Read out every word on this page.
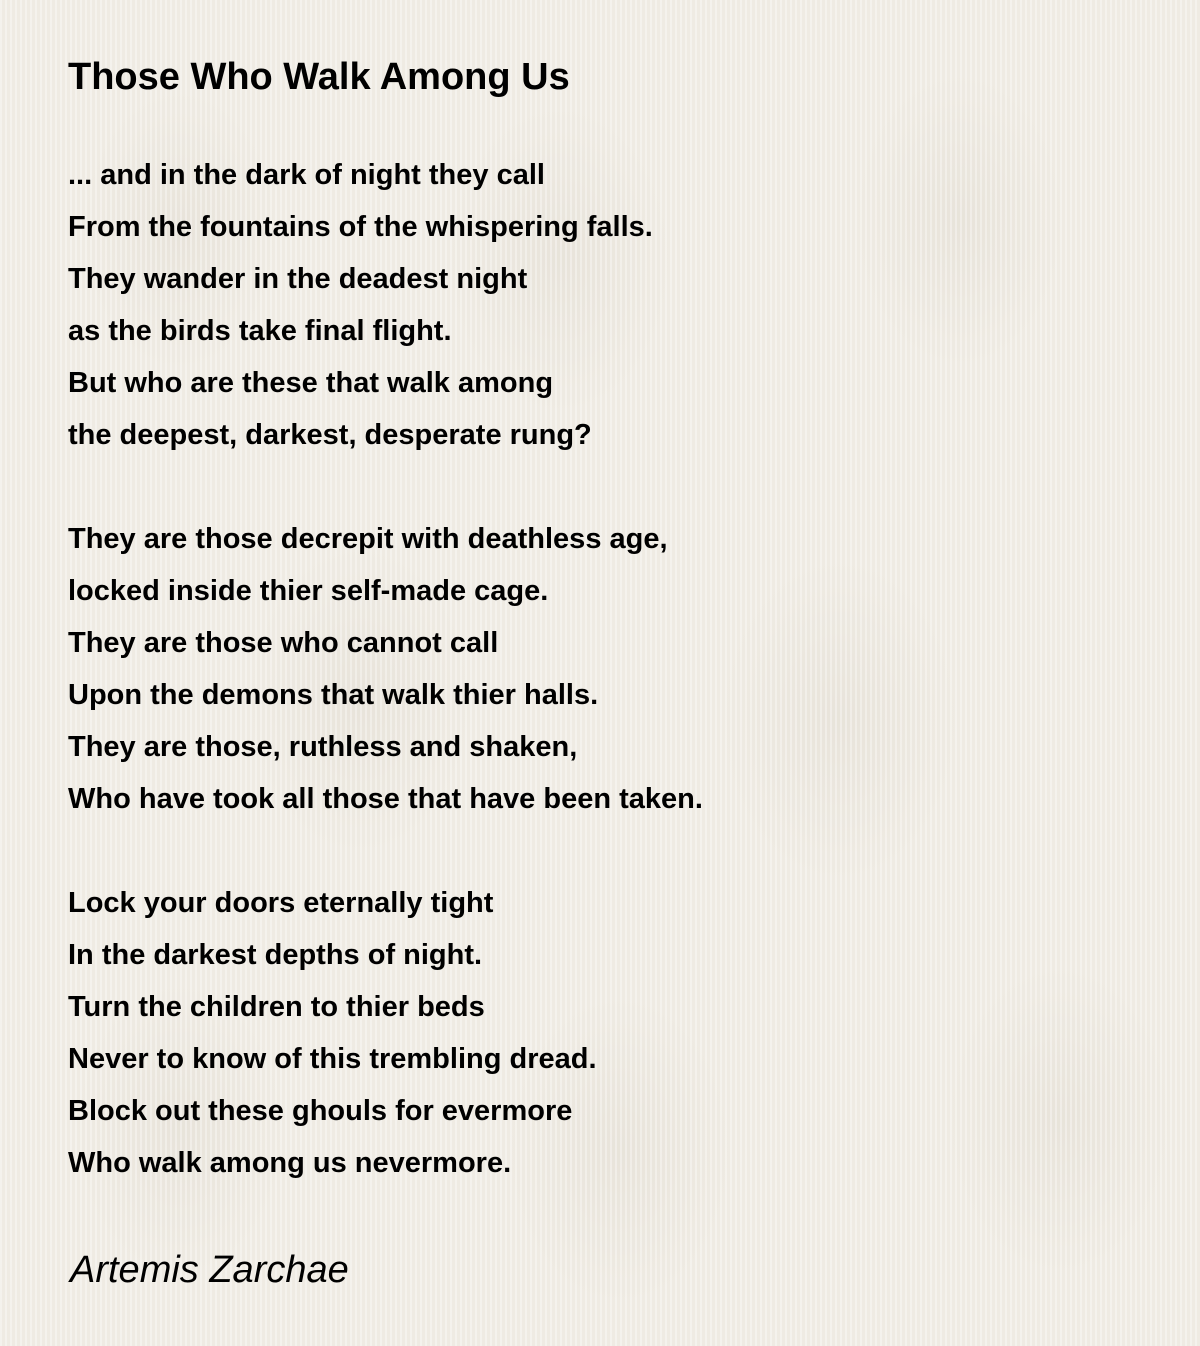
Those Who Walk Among Us
... and in the dark of night they call
From the fountains of the whispering falls.
They wander in the deadest night
as the birds take final flight.
But who are these that walk among
the deepest, darkest, desperate rung?
They are those decrepit with deathless age,
locked inside thier self-made cage.
They are those who cannot call
Upon the demons that walk thier halls.
They are those, ruthless and shaken,
Who have took all those that have been taken.
Lock your doors eternally tight
In the darkest depths of night.
Turn the children to thier beds
Never to know of this trembling dread.
Block out these ghouls for evermore
Who walk among us nevermore.
Artemis Zarchae
